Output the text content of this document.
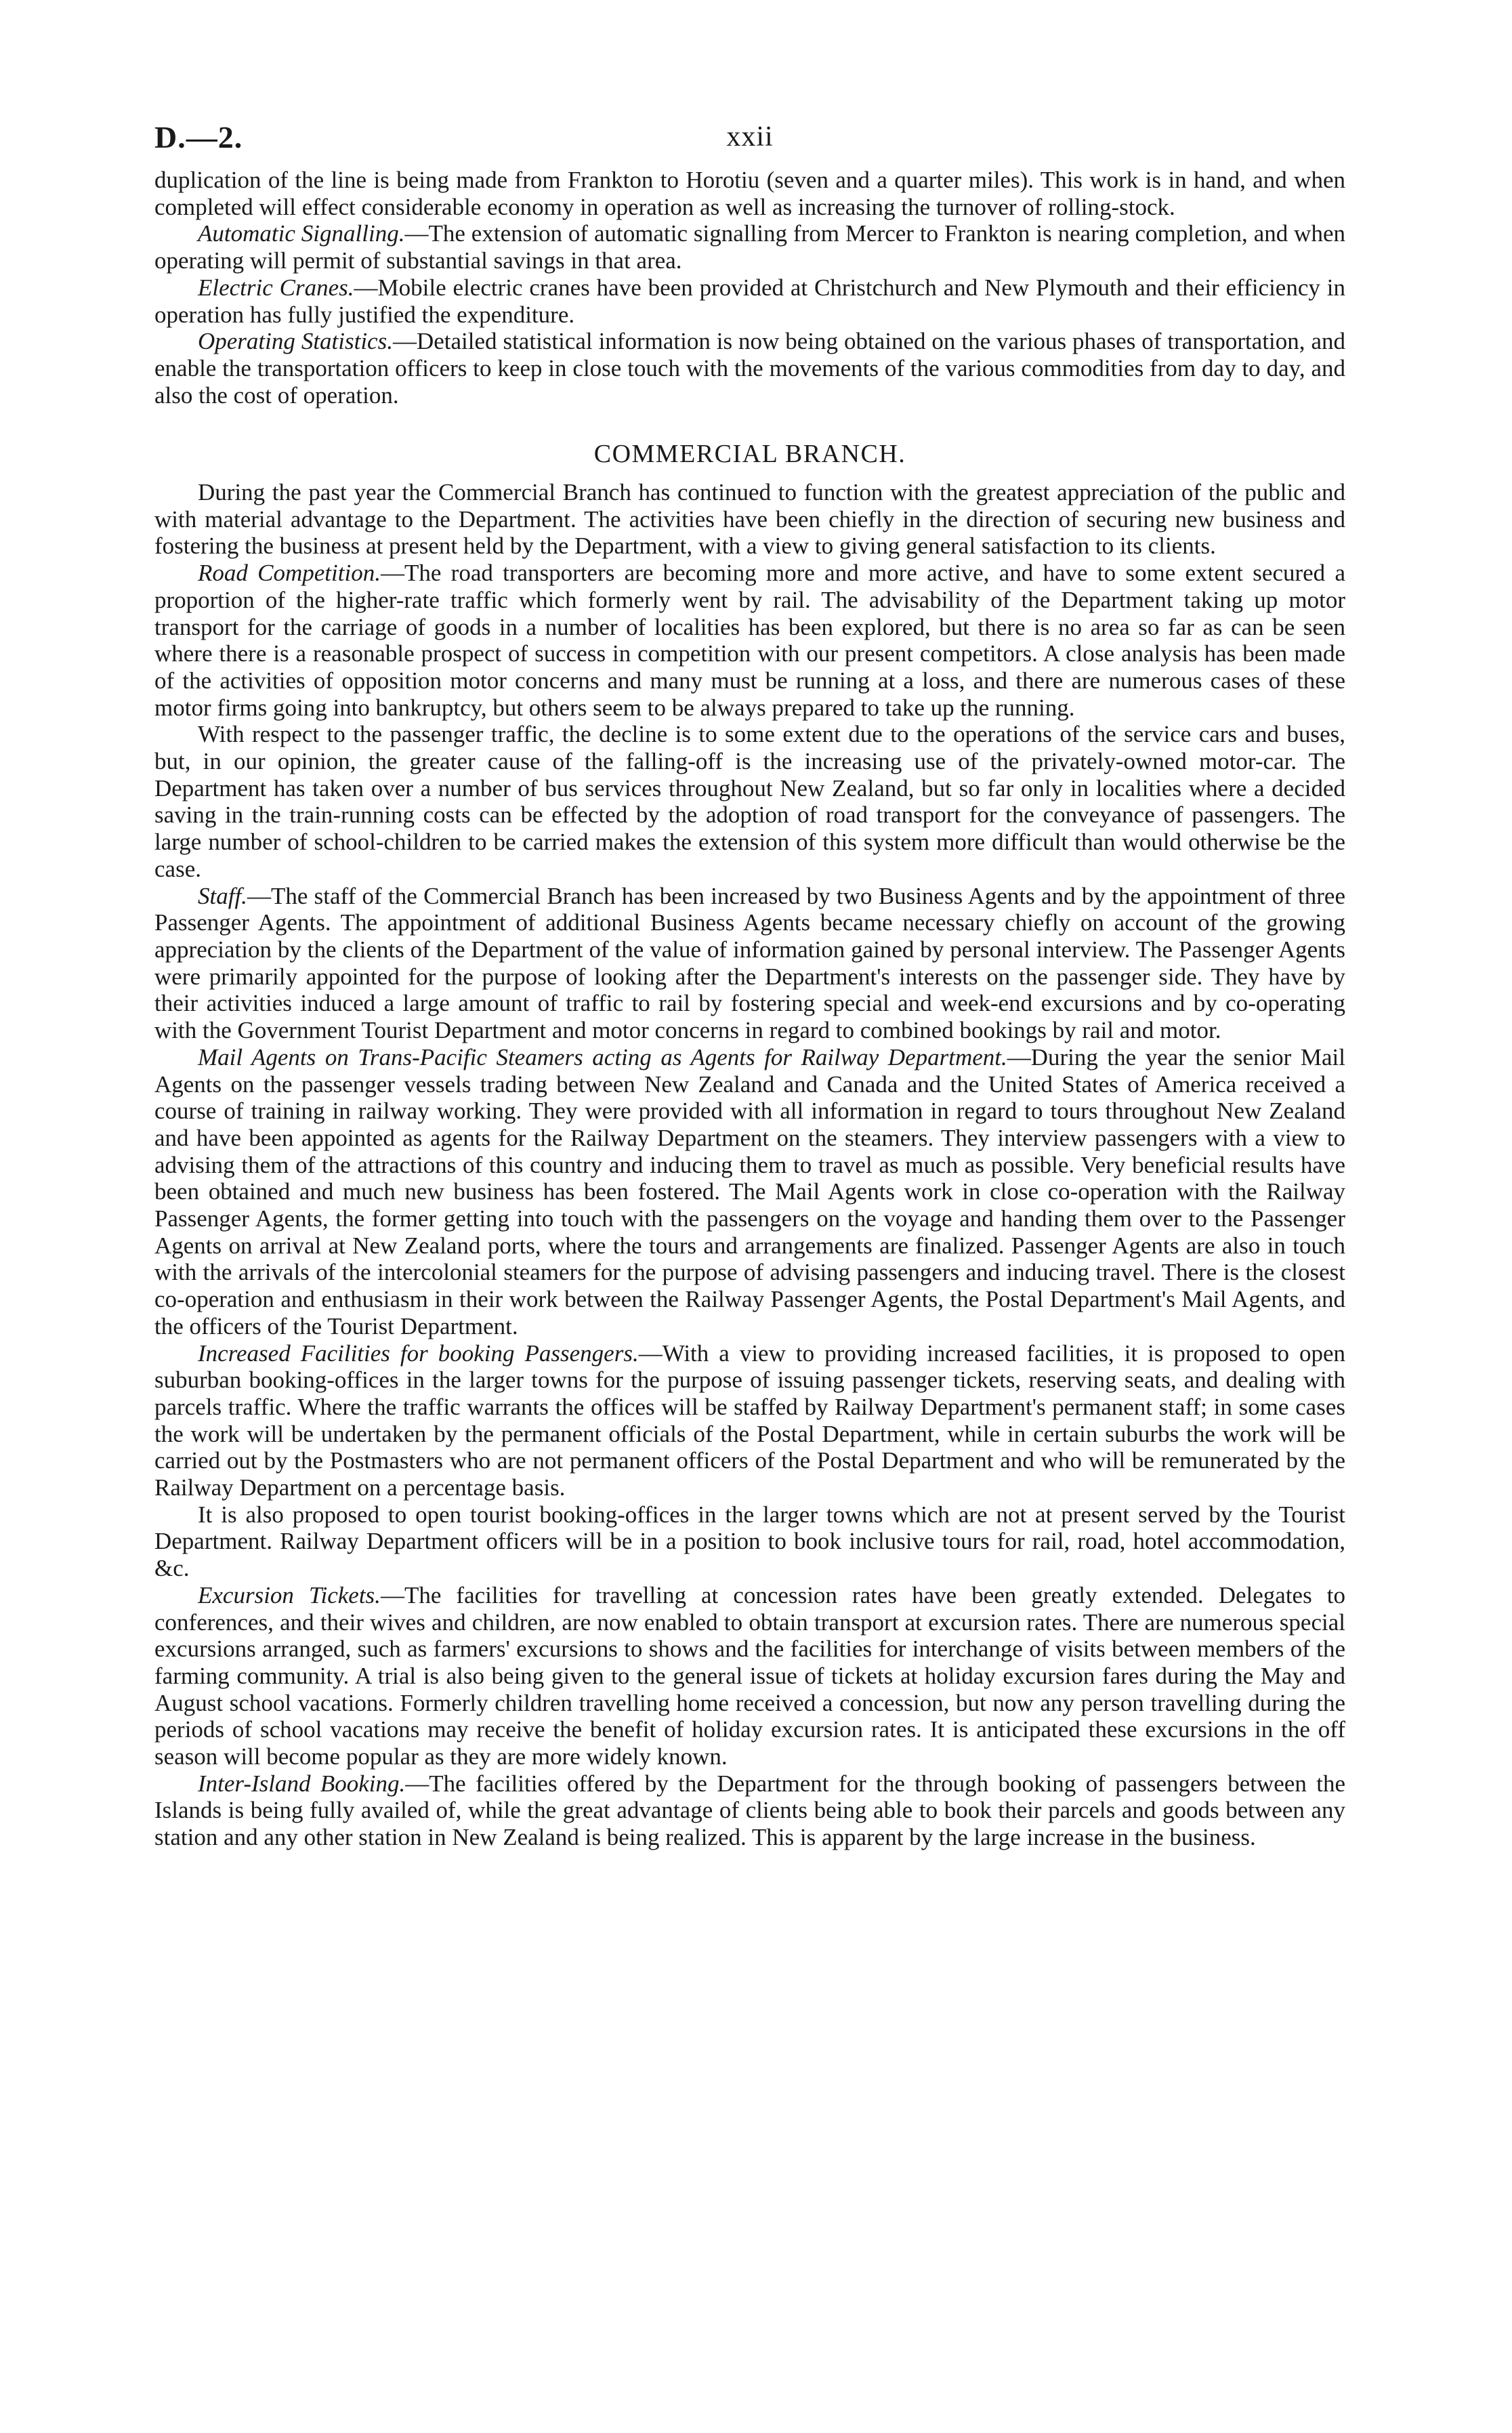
D.—2.	xxii

duplication of the line is being made from Frankton to Horotiu (seven and a quarter miles). This work is in hand, and when completed will effect considerable economy in operation as well as increasing the turnover of rolling-stock.

Automatic Signalling.—The extension of automatic signalling from Mercer to Frankton is nearing completion, and when operating will permit of substantial savings in that area.

Electric Cranes.—Mobile electric cranes have been provided at Christchurch and New Plymouth and their efficiency in operation has fully justified the expenditure.

Operating Statistics.—Detailed statistical information is now being obtained on the various phases of transportation, and enable the transportation officers to keep in close touch with the movements of the various commodities from day to day, and also the cost of operation.

COMMERCIAL BRANCH.

During the past year the Commercial Branch has continued to function with the greatest appreciation of the public and with material advantage to the Department. The activities have been chiefly in the direction of securing new business and fostering the business at present held by the Department, with a view to giving general satisfaction to its clients.

Road Competition.—The road transporters are becoming more and more active, and have to some extent secured a proportion of the higher-rate traffic which formerly went by rail. The advisability of the Department taking up motor transport for the carriage of goods in a number of localities has been explored, but there is no area so far as can be seen where there is a reasonable prospect of success in competition with our present competitors. A close analysis has been made of the activities of opposition motor concerns and many must be running at a loss, and there are numerous cases of these motor firms going into bankruptcy, but others seem to be always prepared to take up the running.

With respect to the passenger traffic, the decline is to some extent due to the operations of the service cars and buses, but, in our opinion, the greater cause of the falling-off is the increasing use of the privately-owned motor-car. The Department has taken over a number of bus services throughout New Zealand, but so far only in localities where a decided saving in the train-running costs can be effected by the adoption of road transport for the conveyance of passengers. The large number of school-children to be carried makes the extension of this system more difficult than would otherwise be the case.

Staff.—The staff of the Commercial Branch has been increased by two Business Agents and by the appointment of three Passenger Agents. The appointment of additional Business Agents became necessary chiefly on account of the growing appreciation by the clients of the Department of the value of information gained by personal interview. The Passenger Agents were primarily appointed for the purpose of looking after the Department's interests on the passenger side. They have by their activities induced a large amount of traffic to rail by fostering special and week-end excursions and by co-operating with the Government Tourist Department and motor concerns in regard to combined bookings by rail and motor.

Mail Agents on Trans-Pacific Steamers acting as Agents for Railway Department.—During the year the senior Mail Agents on the passenger vessels trading between New Zealand and Canada and the United States of America received a course of training in railway working. They were provided with all information in regard to tours throughout New Zealand and have been appointed as agents for the Railway Department on the steamers. They interview passengers with a view to advising them of the attractions of this country and inducing them to travel as much as possible. Very beneficial results have been obtained and much new business has been fostered. The Mail Agents work in close co-operation with the Railway Passenger Agents, the former getting into touch with the passengers on the voyage and handing them over to the Passenger Agents on arrival at New Zealand ports, where the tours and arrangements are finalized. Passenger Agents are also in touch with the arrivals of the intercolonial steamers for the purpose of advising passengers and inducing travel. There is the closest co-operation and enthusiasm in their work between the Railway Passenger Agents, the Postal Department's Mail Agents, and the officers of the Tourist Department.

Increased Facilities for booking Passengers.—With a view to providing increased facilities, it is proposed to open suburban booking-offices in the larger towns for the purpose of issuing passenger tickets, reserving seats, and dealing with parcels traffic. Where the traffic warrants the offices will be staffed by Railway Department's permanent staff; in some cases the work will be undertaken by the permanent officials of the Postal Department, while in certain suburbs the work will be carried out by the Postmasters who are not permanent officers of the Postal Department and who will be remunerated by the Railway Department on a percentage basis.

It is also proposed to open tourist booking-offices in the larger towns which are not at present served by the Tourist Department. Railway Department officers will be in a position to book inclusive tours for rail, road, hotel accommodation, &c.

Excursion Tickets.—The facilities for travelling at concession rates have been greatly extended. Delegates to conferences, and their wives and children, are now enabled to obtain transport at excursion rates. There are numerous special excursions arranged, such as farmers' excursions to shows and the facilities for interchange of visits between members of the farming community. A trial is also being given to the general issue of tickets at holiday excursion fares during the May and August school vacations. Formerly children travelling home received a concession, but now any person travelling during the periods of school vacations may receive the benefit of holiday excursion rates. It is anticipated these excursions in the off season will become popular as they are more widely known.

Inter-Island Booking.—The facilities offered by the Department for the through booking of passengers between the Islands is being fully availed of, while the great advantage of clients being able to book their parcels and goods between any station and any other station in New Zealand is being realized. This is apparent by the large increase in the business.
